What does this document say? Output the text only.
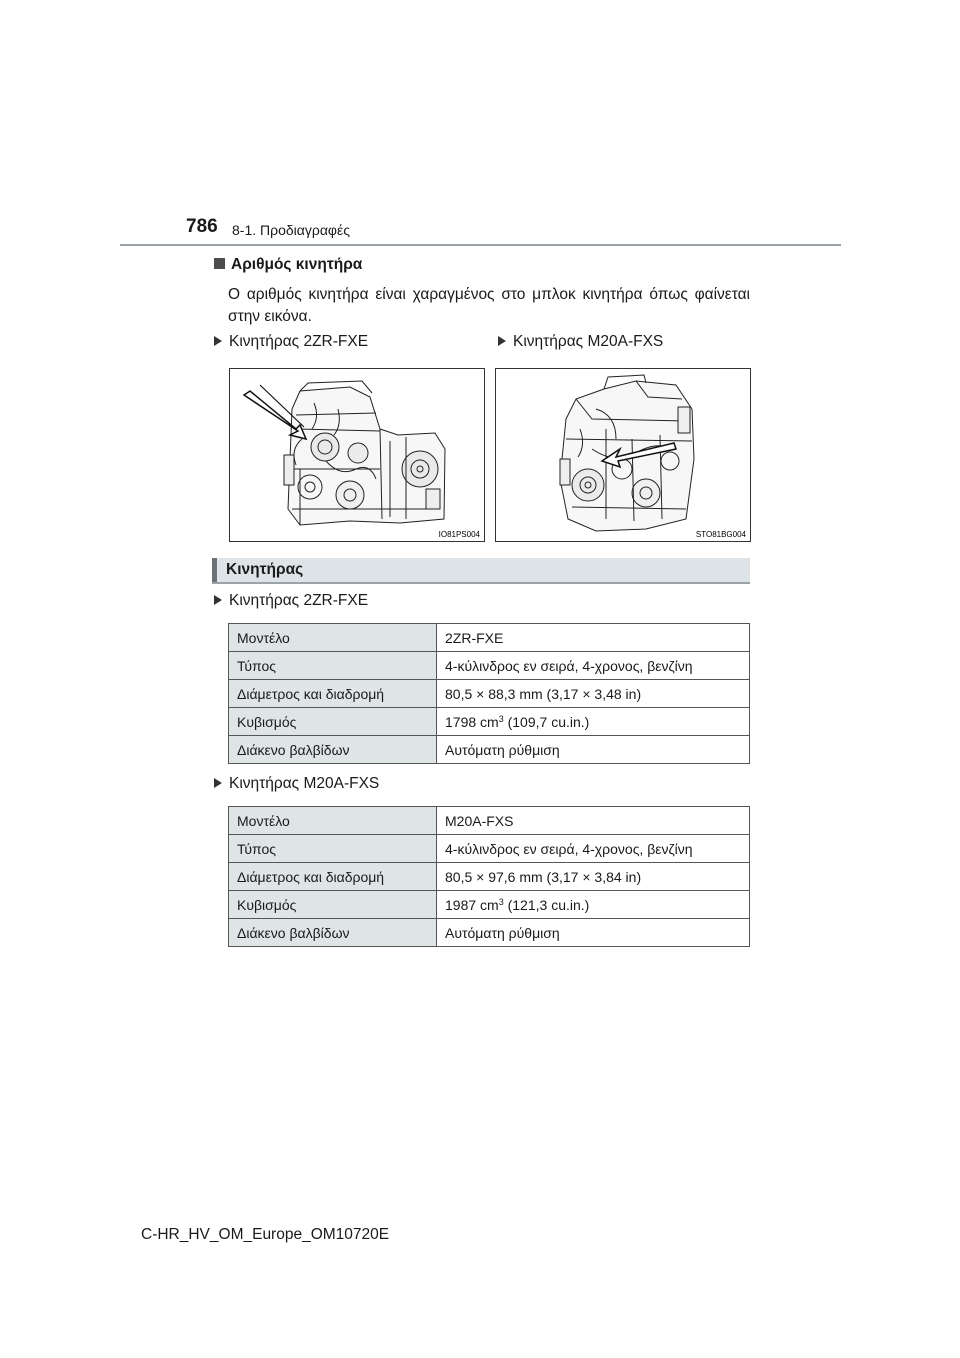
786 8-1. Προδιαγραφές
Αριθμός κινητήρα
Ο αριθμός κινητήρα είναι χαραγμένος στο μπλοκ κινητήρα όπως φαίνεται στην εικόνα.
Κινητήρας 2ZR-FXE	Κινητήρας M20A-FXS
IO81PS004	STO81BG004
Κινητήρας
Κινητήρας 2ZR-FXE
Μοντέλο	2ZR-FXE
Τύπος	4-κύλινδρος εν σειρά, 4-χρονος, βενζίνη
Διάμετρος και διαδρομή	80,5 × 88,3 mm (3,17 × 3,48 in)
Κυβισμός	1798 $cm^3$ (109,7 cu.in.)
Διάκενο βαλβίδων	Αυτόματη ρύθμιση
Κινητήρας M20A-FXS
Μοντέλο	M20A-FXS
Τύπος	4-κύλινδρος εν σειρά, 4-χρονος, βενζίνη
Διάμετρος και διαδρομή	80,5 × 97,6 mm (3,17 × 3,84 in)
Κυβισμός	1987 $cm^3$ (121,3 cu.in.)
Διάκενο βαλβίδων	Αυτόματη ρύθμιση
C-HR_HV_OM_Europe_OM10720E
